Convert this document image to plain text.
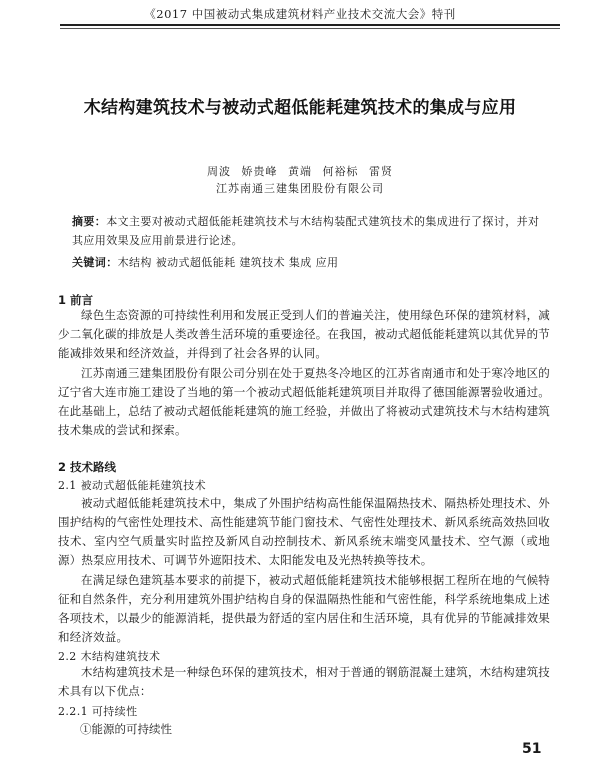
《2017 中国被动式集成建筑材料产业技术交流大会》特刊
木结构建筑技术与被动式超低能耗建筑技术的集成与应用
周波 娇贵峰 黄端 何裕标 雷贤
江苏南通三建集团股份有限公司
摘要：本文主要对被动式超低能耗建筑技术与木结构装配式建筑技术的集成进行了探讨，并对其应用效果及应用前景进行论述。
关键词：木结构 被动式超低能耗 建筑技术 集成 应用
1 前言
绿色生态资源的可持续性利用和发展正受到人们的普遍关注，使用绿色环保的建筑材料，减少二氧化碳的排放是人类改善生活环境的重要途径。在我国，被动式超低能耗建筑以其优异的节能减排效果和经济效益，并得到了社会各界的认同。
江苏南通三建集团股份有限公司分别在处于夏热冬冷地区的江苏省南通市和处于寒冷地区的辽宁省大连市施工建设了当地的第一个被动式超低能耗建筑项目并取得了德国能源署验收通过。在此基础上，总结了被动式超低能耗建筑的施工经验，并做出了将被动式建筑技术与木结构建筑技术集成的尝试和探索。
2 技术路线
2.1 被动式超低能耗建筑技术
被动式超低能耗建筑技术中，集成了外围护结构高性能保温隔热技术、隔热桥处理技术、外围护结构的气密性处理技术、高性能建筑节能门窗技术、气密性处理技术、新风系统高效热回收技术、室内空气质量实时监控及新风自动控制技术、新风系统末端变风量技术、空气源（或地源）热泵应用技术、可调节外遮阳技术、太阳能发电及光热转换等技术。
在满足绿色建筑基本要求的前提下，被动式超低能耗建筑技术能够根据工程所在地的气候特征和自然条件，充分利用建筑外围护结构自身的保温隔热性能和气密性能，科学系统地集成上述各项技术，以最少的能源消耗，提供最为舒适的室内居住和生活环境，具有优异的节能减排效果和经济效益。
2.2 木结构建筑技术
木结构建筑技术是一种绿色环保的建筑技术，相对于普通的钢筋混凝土建筑，木结构建筑技术具有以下优点：
2.2.1 可持续性
①能源的可持续性
51
